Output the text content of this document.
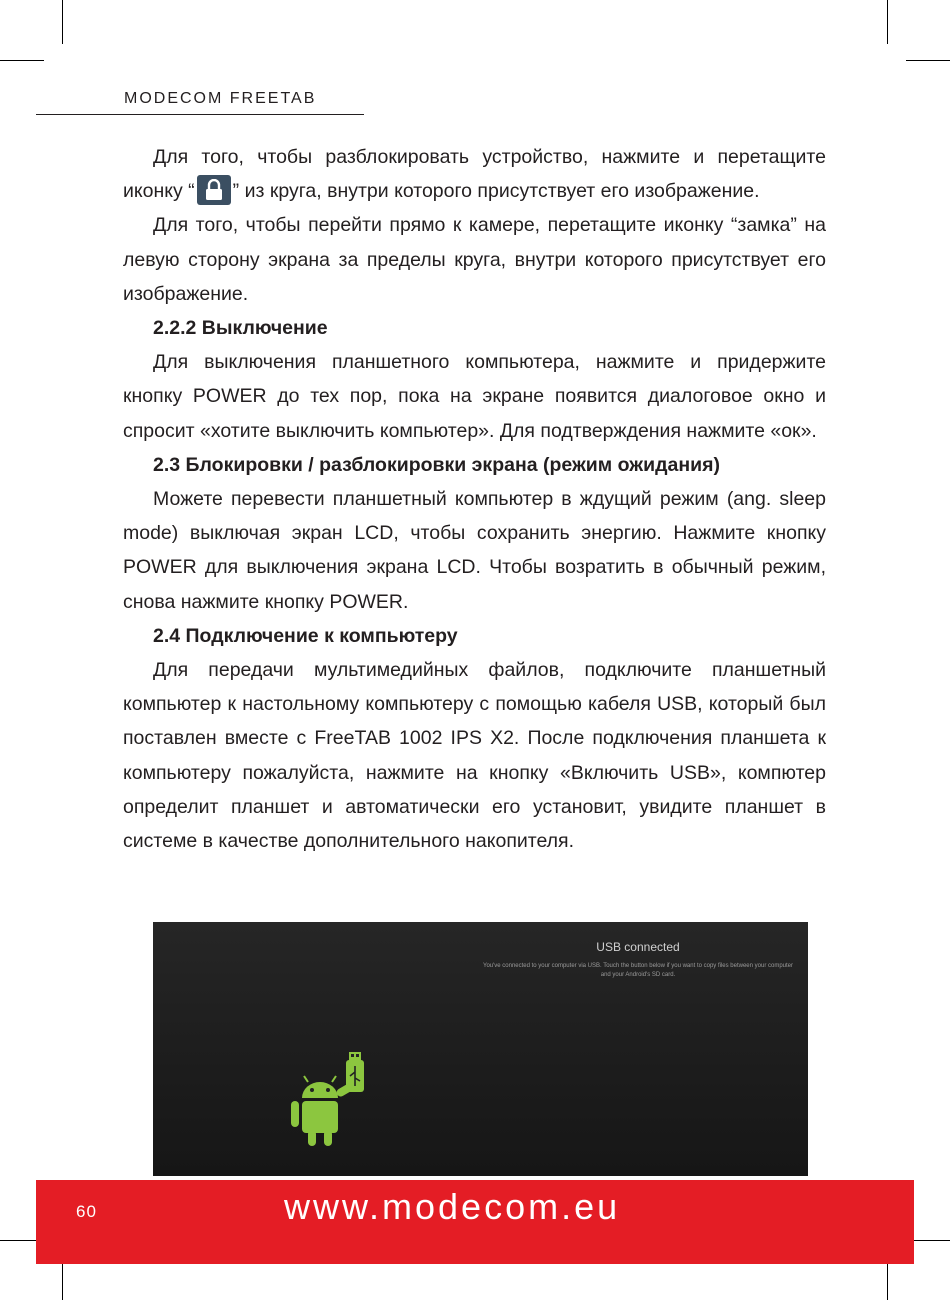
MODECOM FREETAB

Для того, чтобы разблокировать устройство, нажмите и перетащите иконку “ ” из круга, внутри которого присутствует его изображение.

Для того, чтобы перейти прямо к камере, перетащите иконку “замка” на левую сторону экрана за пределы круга, внутри которого присутствует его изображение.

2.2.2 Выключение

Для выключения планшетного компьютера, нажмите и придержите кнопку POWER до тех пор, пока на экране появится диалоговое окно и спросит «хотите выключить компьютер». Для подтверждения нажмите «ок».

2.3 Блокировки / разблокировки экрана (режим ожидания)

Можете перевести планшетный компьютер в ждущий режим (ang. sleep mode) выключая экран LCD, чтобы сохранить энергию. Нажмите кнопку POWER для выключения экрана LCD. Чтобы возратить в обычный режим, снова нажмите кнопку POWER.

2.4 Подключение к компьютеру

Для передачи мультимедийных файлов, подключите планшетный компьютер к настольному компьютеру с помощью кабеля USB, который был поставлен вместе с FreeTAB 1002 IPS X2. После подключения планшета к компьютеру пожалуйста, нажмите на кнопку «Включить USB», компютер определит планшет и автоматически его установит, увидите планшет в системе в качестве дополнительного накопителя.

USB connected
You've connected to your computer via USB. Touch the button below if you want to copy files between your computer and your Android's SD card.
60	www.modecom.eu
